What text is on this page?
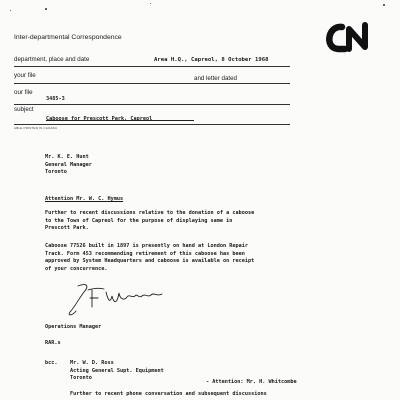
Inter-departmental Correspondence
department, place and date	Area H.Q., Capreol, 8 October 1968
your file	and letter dated
our file
3485-3
subject
Caboose for Prescott Park, Capreol
ABLE PRINTED IN CANADA
Mr. K. E. Hunt
General Manager
Toronto
Attention Mr. W. C. Hymus
Further to recent discussions relative to the donation of a caboose
to the Town of Capreol for the purpose of displaying same in
Prescott Park.
Caboose 77526 built in 1897 is presently on hand at London Repair
Track. Form 453 recommending retirement of this caboose has been
approved by System Headquarters and caboose is available on receipt
of your concurrence.
Operations Manager
RAR.s
bcc. Mr. W. D. Ross
Acting General Supt. Equipment
Toronto
- Attention: Mr. H. Whitcombe
Further to recent phone conversation and subsequent discussions
